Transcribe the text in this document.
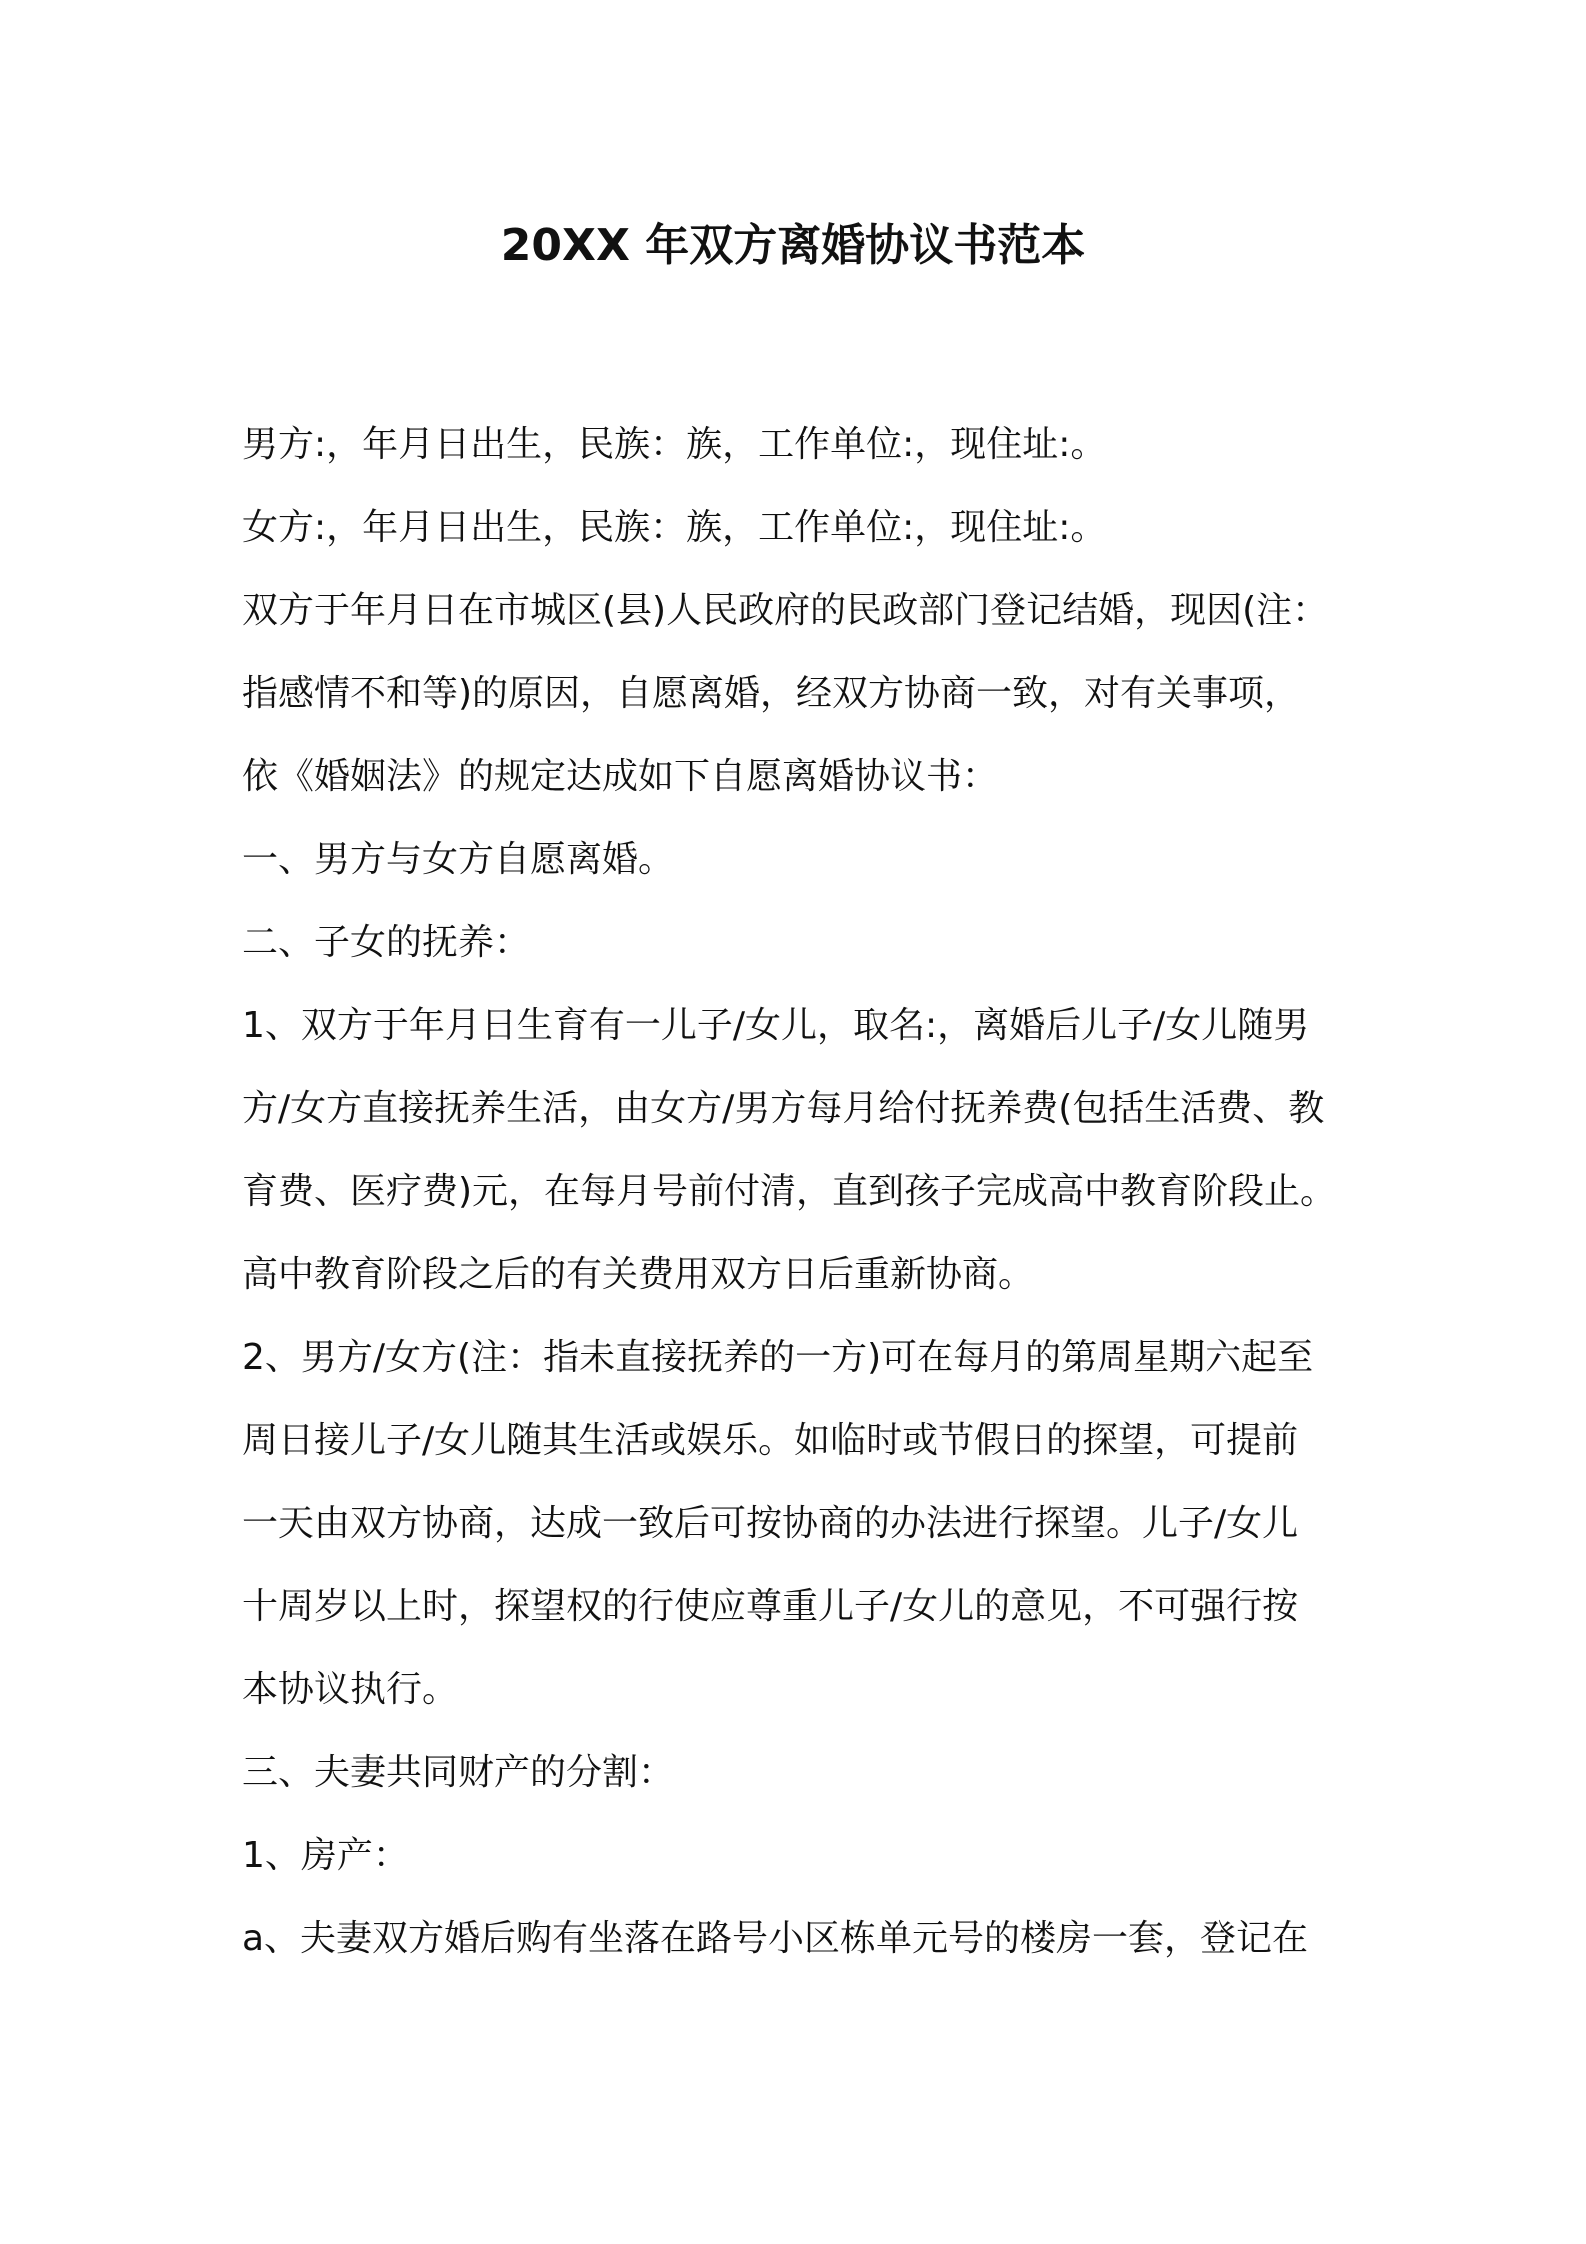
20XX 年双方离婚协议书范本
男方:，年月日出生，民族：族，工作单位:，现住址:。
女方:，年月日出生，民族：族，工作单位:，现住址:。
双方于年月日在市城区(县)人民政府的民政部门登记结婚，现因(注：
指感情不和等)的原因，自愿离婚，经双方协商一致，对有关事项，
依《婚姻法》的规定达成如下自愿离婚协议书：
一、男方与女方自愿离婚。
二、子女的抚养：
1、双方于年月日生育有一儿子/女儿，取名:，离婚后儿子/女儿随男
方/女方直接抚养生活，由女方/男方每月给付抚养费(包括生活费、教
育费、医疗费)元，在每月号前付清，直到孩子完成高中教育阶段止。
高中教育阶段之后的有关费用双方日后重新协商。
2、男方/女方(注：指未直接抚养的一方)可在每月的第周星期六起至
周日接儿子/女儿随其生活或娱乐。如临时或节假日的探望，可提前
一天由双方协商，达成一致后可按协商的办法进行探望。儿子/女儿
十周岁以上时，探望权的行使应尊重儿子/女儿的意见，不可强行按
本协议执行。
三、夫妻共同财产的分割：
1、房产：
a、夫妻双方婚后购有坐落在路号小区栋单元号的楼房一套，登记在
